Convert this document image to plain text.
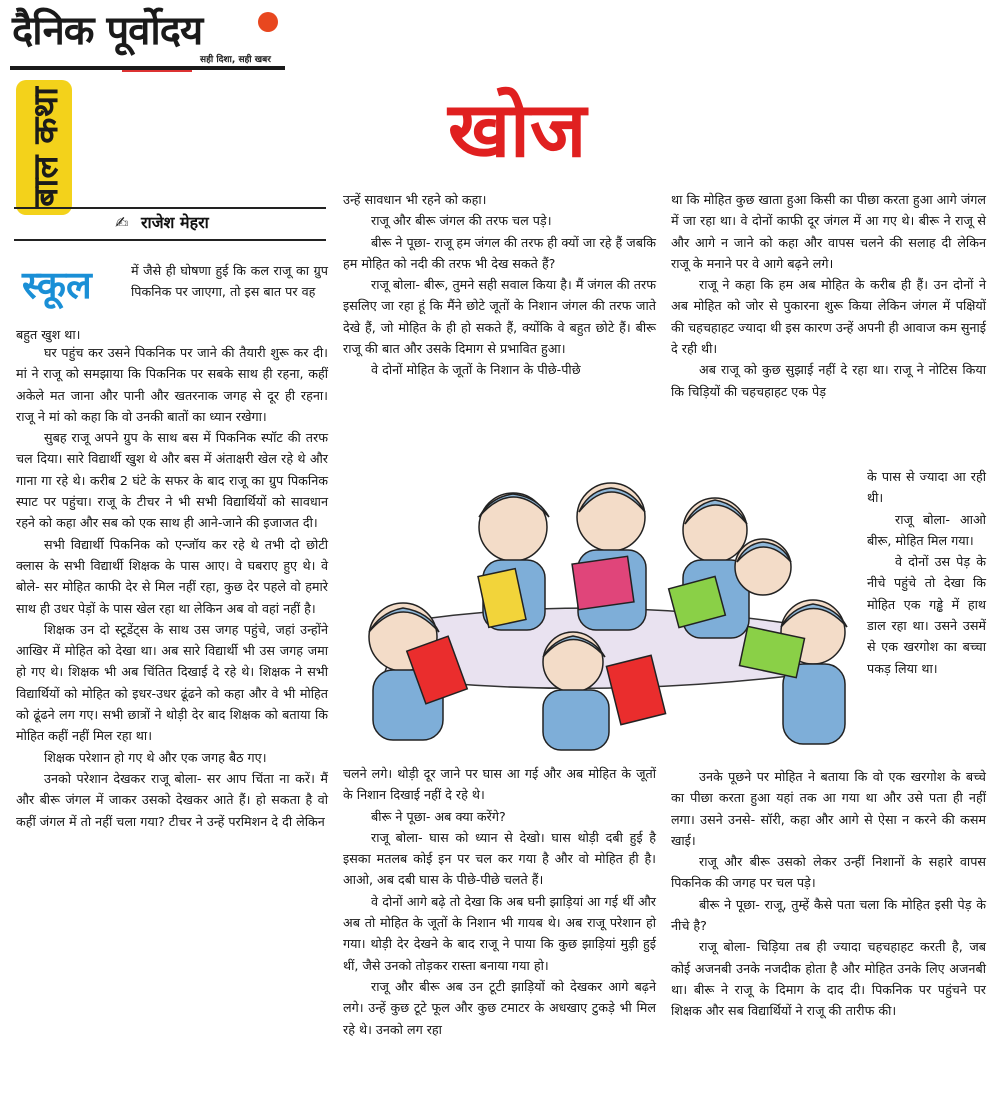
दैनिक पूर्वोदय
सही दिशा, सही खबर
बाल कथा	खोज
✍ राजेश मेहरा
स्कूल	में जैसे ही घोषणा हुई कि कल राजू का ग्रुप पिकनिक पर जाएगा, तो इस बात पर वह
बहुत खुश था।

घर पहुंच कर उसने पिकनिक पर जाने की तैयारी शुरू कर दी। मां ने राजू को समझाया कि पिकनिक पर सबके साथ ही रहना, कहीं अकेले मत जाना और पानी और खतरनाक जगह से दूर ही रहना। राजू ने मां को कहा कि वो उनकी बातों का ध्यान रखेगा।

सुबह राजू अपने ग्रुप के साथ बस में पिकनिक स्पॉट की तरफ चल दिया। सारे विद्यार्थी खुश थे और बस में अंताक्षरी खेल रहे थे और गाना गा रहे थे। करीब 2 घंटे के सफर के बाद राजू का ग्रुप पिकनिक स्पाट पर पहुंचा। राजू के टीचर ने भी सभी विद्यार्थियों को सावधान रहने को कहा और सब को एक साथ ही आने-जाने की इजाजत दी।

सभी विद्यार्थी पिकनिक को एन्जॉय कर रहे थे तभी दो छोटी क्लास के सभी विद्यार्थी शिक्षक के पास आए। वे घबराए हुए थे। वे बोले- सर मोहित काफी देर से मिल नहीं रहा, कुछ देर पहले वो हमारे साथ ही उधर पेड़ों के पास खेल रहा था लेकिन अब वो वहां नहीं है।

शिक्षक उन दो स्टूडेंट्स के साथ उस जगह पहुंचे, जहां उन्होंने आखिर में मोहित को देखा था। अब सारे विद्यार्थी भी उस जगह जमा हो गए थे। शिक्षक भी अब चिंतित दिखाई दे रहे थे। शिक्षक ने सभी विद्यार्थियों को मोहित को इधर-उधर ढूंढने को कहा और वे भी मोहित को ढूंढने लग गए। सभी छात्रों ने थोड़ी देर बाद शिक्षक को बताया कि मोहित कहीं नहीं मिल रहा था।

शिक्षक परेशान हो गए थे और एक जगह बैठ गए।

उनको परेशान देखकर राजू बोला- सर आप चिंता ना करें। मैं और बीरू जंगल में जाकर उसको देखकर आते हैं। हो सकता है वो कहीं जंगल में तो नहीं चला गया? टीचर ने उन्हें परमिशन दे दी लेकिन

उन्हें सावधान भी रहने को कहा।

राजू और बीरू जंगल की तरफ चल पड़े।

बीरू ने पूछा- राजू हम जंगल की तरफ ही क्यों जा रहे हैं जबकि हम मोहित को नदी की तरफ भी देख सकते हैं?

राजू बोला- बीरू, तुमने सही सवाल किया है। मैं जंगल की तरफ इसलिए जा रहा हूं कि मैंने छोटे जूतों के निशान जंगल की तरफ जाते देखे हैं, जो मोहित के ही हो सकते हैं, क्योंकि वे बहुत छोटे हैं। बीरू राजू की बात और उसके दिमाग से प्रभावित हुआ।

वे दोनों मोहित के जूतों के निशान के पीछे-पीछे

चलने लगे। थोड़ी दूर जाने पर घास आ गई और अब मोहित के जूतों के निशान दिखाई नहीं दे रहे थे।

बीरू ने पूछा- अब क्या करेंगे?

राजू बोला- घास को ध्यान से देखो। घास थोड़ी दबी हुई है इसका मतलब कोई इन पर चल कर गया है और वो मोहित ही है। आओ, अब दबी घास के पीछे-पीछे चलते हैं।

वे दोनों आगे बढ़े तो देखा कि अब घनी झाड़ियां आ गई थीं और अब तो मोहित के जूतों के निशान भी गायब थे। अब राजू परेशान हो गया। थोड़ी देर देखने के बाद राजू ने पाया कि कुछ झाड़ियां मुड़ी हुई थीं, जैसे उनको तोड़कर रास्ता बनाया गया हो।

राजू और बीरू अब उन टूटी झाड़ियों को देखकर आगे बढ़ने लगे। उन्हें कुछ टूटे फूल और कुछ टमाटर के अधखाए टुकड़े भी मिल रहे थे। उनको लग रहा

था कि मोहित कुछ खाता हुआ किसी का पीछा करता हुआ आगे जंगल में जा रहा था। वे दोनों काफी दूर जंगल में आ गए थे। बीरू ने राजू से और आगे न जाने को कहा और वापस चलने की सलाह दी लेकिन राजू के मनाने पर वे आगे बढ़ने लगे।

राजू ने कहा कि हम अब मोहित के करीब ही हैं। उन दोनों ने अब मोहित को जोर से पुकारना शुरू किया लेकिन जंगल में पक्षियों की चहचहाहट ज्यादा थी इस कारण उन्हें अपनी ही आवाज कम सुनाई दे रही थी।

अब राजू को कुछ सुझाई नहीं दे रहा था। राजू ने नोटिस किया कि चिड़ियों की चहचहाहट एक पेड़

के पास से ज्यादा आ रही थी।

राजू बोला- आओ बीरू, मोहित मिल गया।

वे दोनों उस पेड़ के नीचे पहुंचे तो देखा कि मोहित एक गड्ढे में हाथ डाल रहा था। उसने उसमें से एक खरगोश का बच्चा पकड़ लिया था।

उनके पूछने पर मोहित ने बताया कि वो एक खरगोश के बच्चे का पीछा करता हुआ यहां तक आ गया था और उसे पता ही नहीं लगा। उसने उनसे- सॉरी, कहा और आगे से ऐसा न करने की कसम खाई।

राजू और बीरू उसको लेकर उन्हीं निशानों के सहारे वापस पिकनिक की जगह पर चल पड़े।

बीरू ने पूछा- राजू, तुम्हें कैसे पता चला कि मोहित इसी पेड़ के नीचे है?

राजू बोला- चिड़िया तब ही ज्यादा चहचहाहट करती है, जब कोई अजनबी उनके नजदीक होता है और मोहित उनके लिए अजनबी था। बीरू ने राजू के दिमाग के दाद दी। पिकनिक पर पहुंचने पर शिक्षक और सब विद्यार्थियों ने राजू की तारीफ की।
